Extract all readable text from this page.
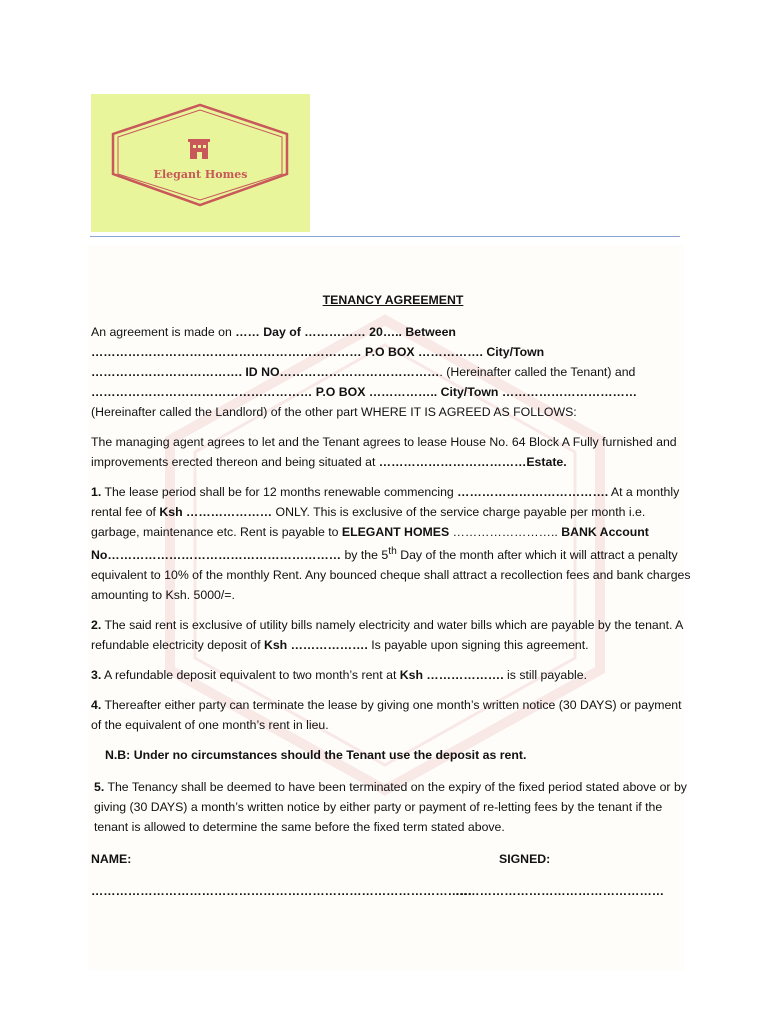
Elegant Homes
TENANCY AGREEMENT

An agreement is made on …… Day of …………… 20….. Between ………………………………………………………… P.O BOX ……………. City/Town ………………………………. ID NO…………………………………. (Hereinafter called the Tenant) and ……………………………………………… P.O BOX …………….. City/Town …………………………… (Hereinafter called the Landlord) of the other part WHERE IT IS AGREED AS FOLLOWS:

The managing agent agrees to let and the Tenant agrees to lease House No. 64 Block A Fully furnished and improvements erected thereon and being situated at ………………………………Estate.

1. The lease period shall be for 12 months renewable commencing ………………………………. At a monthly rental fee of Ksh ………………… ONLY. This is exclusive of the service charge payable per month i.e. garbage, maintenance etc. Rent is payable to ELEGANT HOMES …………………….. BANK Account No………………………………………………… by the 5th Day of the month after which it will attract a penalty equivalent to 10% of the monthly Rent. Any bounced cheque shall attract a recollection fees and bank charges amounting to Ksh. 5000/=.

2. The said rent is exclusive of utility bills namely electricity and water bills which are payable by the tenant. A refundable electricity deposit of Ksh ………………. Is payable upon signing this agreement.

3. A refundable deposit equivalent to two month’s rent at Ksh ………………. is still payable.

4. Thereafter either party can terminate the lease by giving one month’s written notice (30 DAYS) or payment of the equivalent of one month’s rent in lieu.

N.B: Under no circumstances should the Tenant use the deposit as rent.

5. The Tenancy shall be deemed to have been terminated on the expiry of the fixed period stated above or by giving (30 DAYS) a month’s written notice by either party or payment of re-letting fees by the tenant if the tenant is allowed to determine the same before the fixed term stated above.

NAME:	SIGNED:
…………………………………………………………………………………
……………………………………………
